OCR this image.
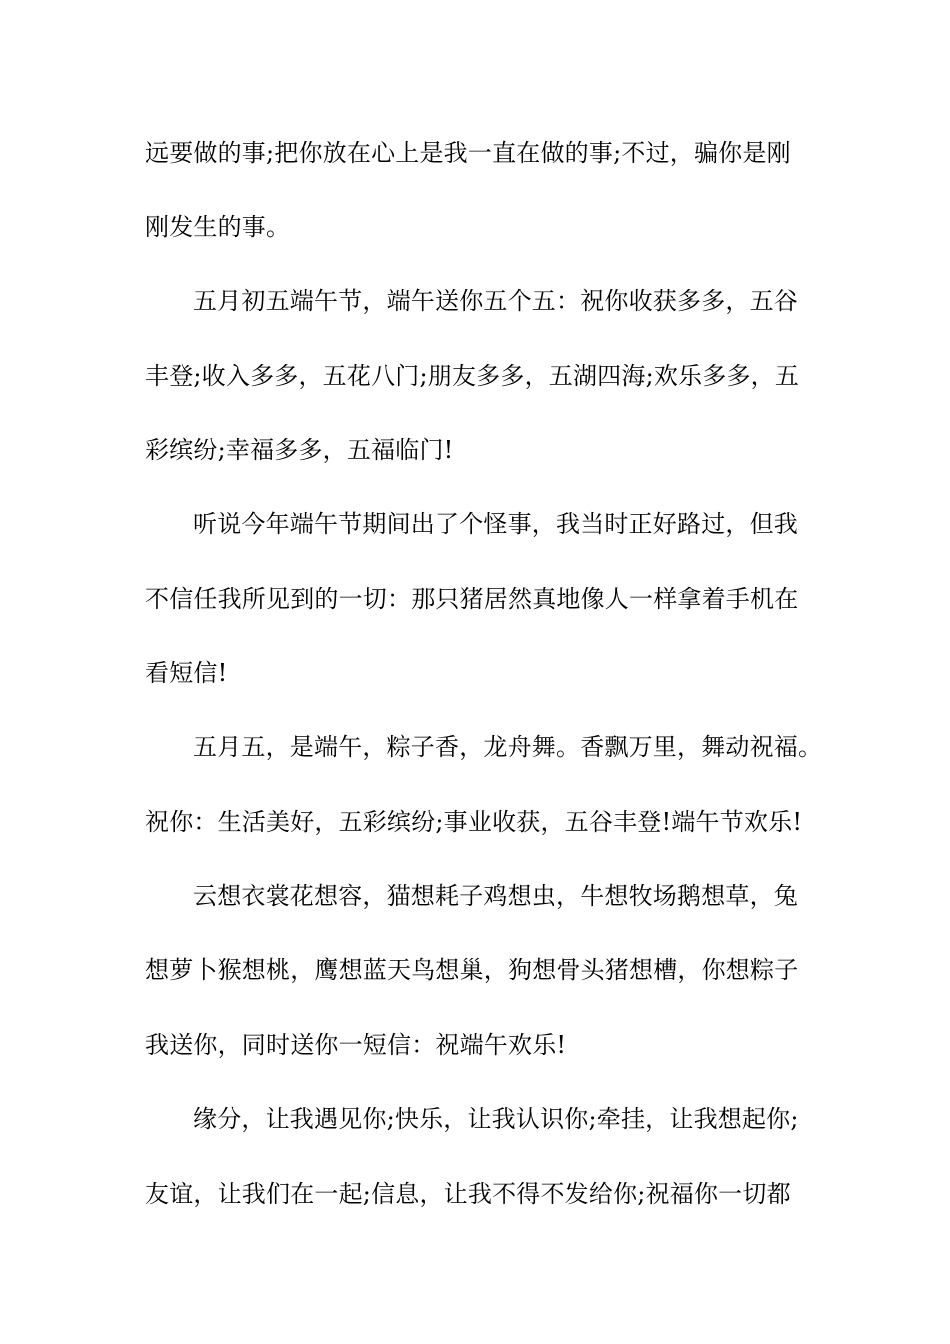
远要做的事;把你放在心上是我一直在做的事;不过，骗你是刚

刚发生的事。

五月初五端午节，端午送你五个五：祝你收获多多，五谷

丰登;收入多多，五花八门;朋友多多，五湖四海;欢乐多多，五

彩缤纷;幸福多多，五福临门!

听说今年端午节期间出了个怪事，我当时正好路过，但我

不信任我所见到的一切：那只猪居然真地像人一样拿着手机在

看短信!

五月五，是端午，粽子香，龙舟舞。香飘万里，舞动祝福。

祝你：生活美好，五彩缤纷;事业收获，五谷丰登!端午节欢乐!

云想衣裳花想容，猫想耗子鸡想虫，牛想牧场鹅想草，兔

想萝卜猴想桃，鹰想蓝天鸟想巢，狗想骨头猪想槽，你想粽子

我送你，同时送你一短信：祝端午欢乐!

缘分，让我遇见你;快乐，让我认识你;牵挂，让我想起你;

友谊，让我们在一起;信息，让我不得不发给你;祝福你一切都
